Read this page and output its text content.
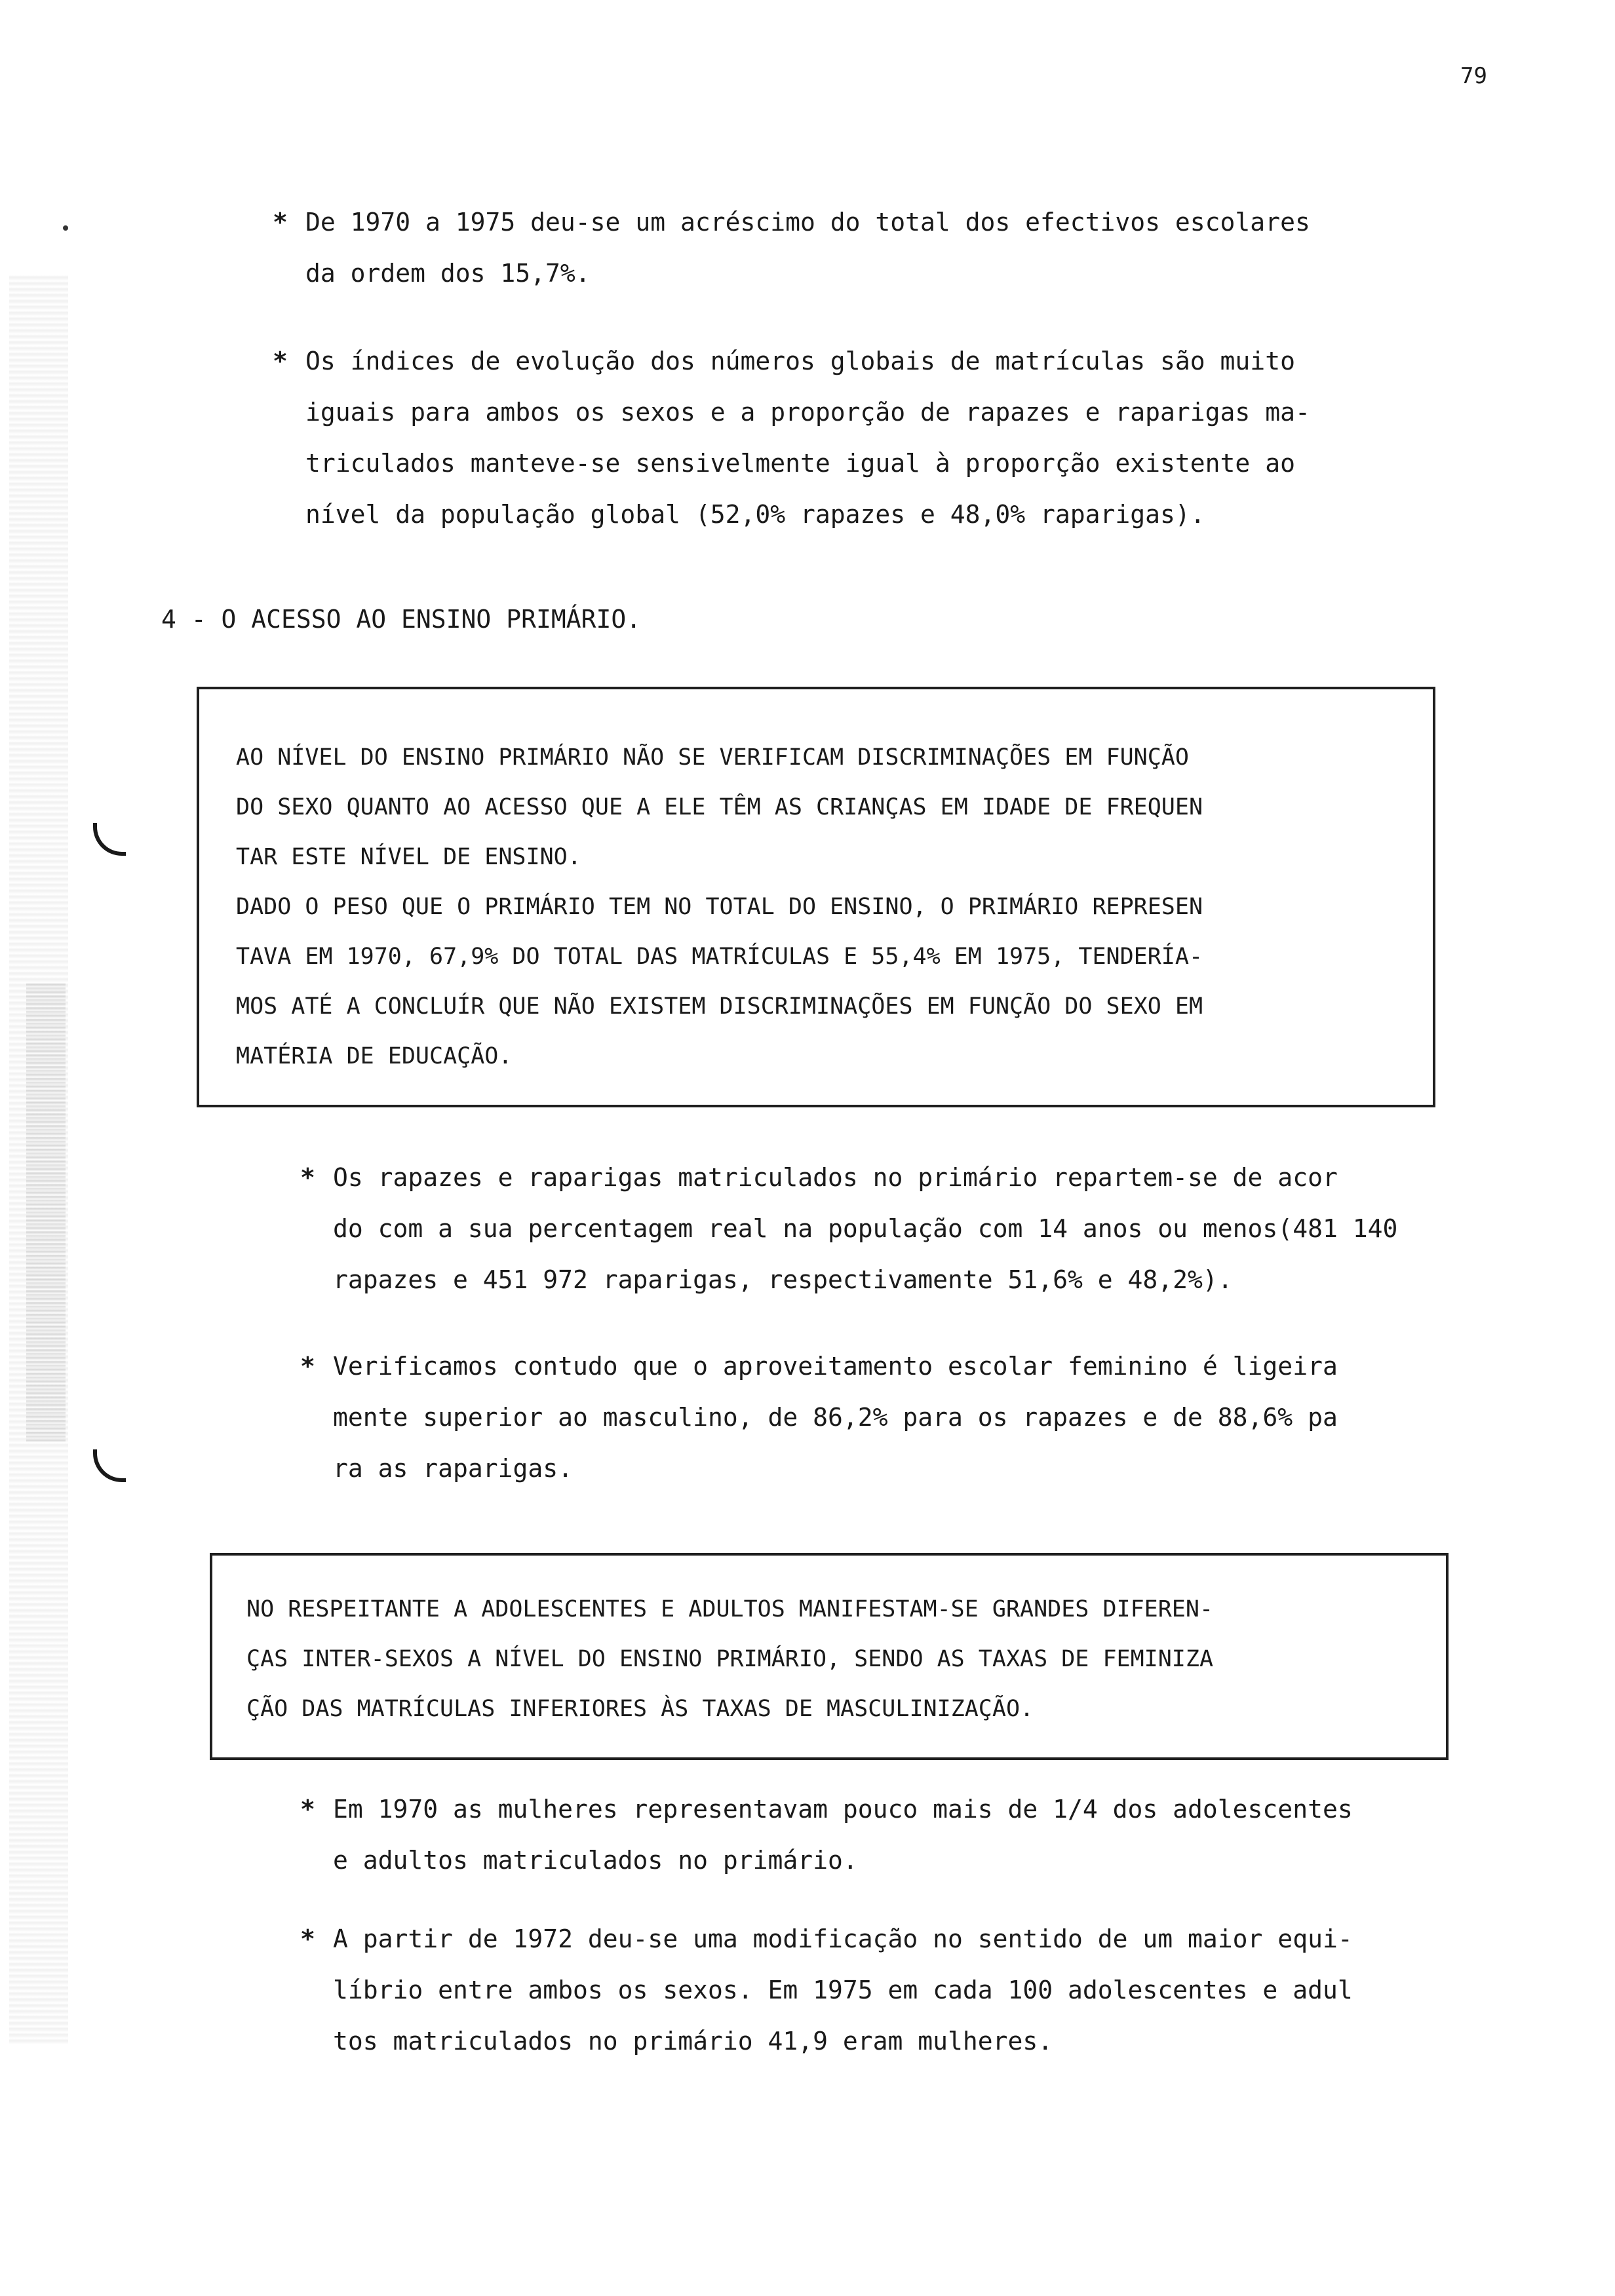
79

* De 1970 a 1975 deu-se um acréscimo do total dos efectivos escolares
da ordem dos 15,7%.
* Os índices de evolução dos números globais de matrículas são muito
iguais para ambos os sexos e a proporção de rapazes e raparigas ma-
triculados manteve-se sensivelmente igual à proporção existente ao
nível da população global (52,0% rapazes e 48,0% raparigas).

4 - O ACESSO AO ENSINO PRIMÁRIO.

AO NÍVEL DO ENSINO PRIMÁRIO NÃO SE VERIFICAM DISCRIMINAÇÕES EM FUNÇÃO
DO SEXO QUANTO AO ACESSO QUE A ELE TÊM AS CRIANÇAS EM IDADE DE FREQUEN
TAR ESTE NÍVEL DE ENSINO.
DADO O PESO QUE O PRIMÁRIO TEM NO TOTAL DO ENSINO, O PRIMÁRIO REPRESEN
TAVA EM 1970, 67,9% DO TOTAL DAS MATRÍCULAS E 55,4% EM 1975, TENDERÍA-
MOS ATÉ A CONCLUÍR QUE NÃO EXISTEM DISCRIMINAÇÕES EM FUNÇÃO DO SEXO EM
MATÉRIA DE EDUCAÇÃO.
* Os rapazes e raparigas matriculados no primário repartem-se de acor
do com a sua percentagem real na população com 14 anos ou menos(481 140
rapazes e 451 972 raparigas, respectivamente 51,6% e 48,2%).
* Verificamos contudo que o aproveitamento escolar feminino é ligeira
mente superior ao masculino, de 86,2% para os rapazes e de 88,6% pa
ra as raparigas.
NO RESPEITANTE A ADOLESCENTES E ADULTOS MANIFESTAM-SE GRANDES DIFEREN-
ÇAS INTER-SEXOS A NÍVEL DO ENSINO PRIMÁRIO, SENDO AS TAXAS DE FEMINIZA
ÇÃO DAS MATRÍCULAS INFERIORES ÀS TAXAS DE MASCULINIZAÇÃO.
* Em 1970 as mulheres representavam pouco mais de 1/4 dos adolescentes
e adultos matriculados no primário.
* A partir de 1972 deu-se uma modificação no sentido de um maior equi-
líbrio entre ambos os sexos. Em 1975 em cada 100 adolescentes e adul
tos matriculados no primário 41,9 eram mulheres.
